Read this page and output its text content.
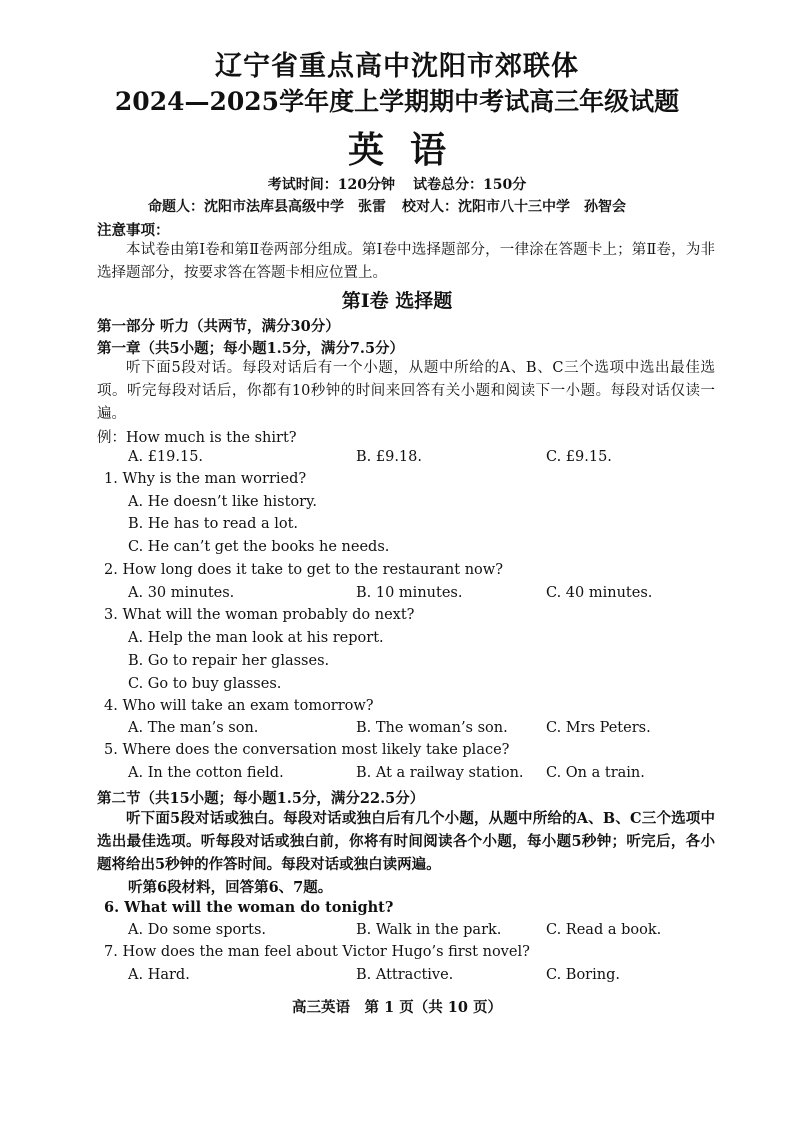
辽宁省重点高中沈阳市郊联体
2024—2025学年度上学期期中考试高三年级试题
英语
考试时间：120分钟 试卷总分：150分
命题人：沈阳市法库县高级中学　张雷 校对人：沈阳市八十三中学　孙智会
注意事项：
本试卷由第Ⅰ卷和第Ⅱ卷两部分组成。第Ⅰ卷中选择题部分，一律涂在答题卡上；第Ⅱ卷，为非选择题部分，按要求答在答题卡相应位置上。
第Ⅰ卷 选择题
第一部分 听力（共两节，满分30分）
第一章（共5小题；每小题1.5分，满分7.5分）
听下面5段对话。每段对话后有一个小题，从题中所给的A、B、C三个选项中选出最佳选项。听完每段对话后，你都有10秒钟的时间来回答有关小题和阅读下一小题。每段对话仅读一遍。
例：How much is the shirt?
A. £19.15.	B. £9.18.	C. £9.15.
1. Why is the man worried?
A. He doesn’t like history.
B. He has to read a lot.
C. He can’t get the books he needs.
2. How long does it take to get to the restaurant now?
A. 30 minutes.	B. 10 minutes.	C. 40 minutes.
3. What will the woman probably do next?
A. Help the man look at his report.
B. Go to repair her glasses.
C. Go to buy glasses.
4. Who will take an exam tomorrow?
A. The man’s son.	B. The woman’s son.	C. Mrs Peters.
5. Where does the conversation most likely take place?
A. In the cotton field.	B. At a railway station. C. On a train.
第二节（共15小题；每小题1.5分，满分22.5分）
听下面5段对话或独白。每段对话或独白后有几个小题，从题中所给的A、B、C三个选项中选出最佳选项。听每段对话或独白前，你将有时间阅读各个小题，每小题5秒钟；听完后，各小题将给出5秒钟的作答时间。每段对话或独白读两遍。
听第6段材料，回答第6、7题。
6. What will the woman do tonight?
A. Do some sports.	B. Walk in the park.	C. Read a book.
7. How does the man feel about Victor Hugo’s first novel?
A. Hard.	B. Attractive.	C. Boring.
高三英语　第 1 页（共 10 页）
